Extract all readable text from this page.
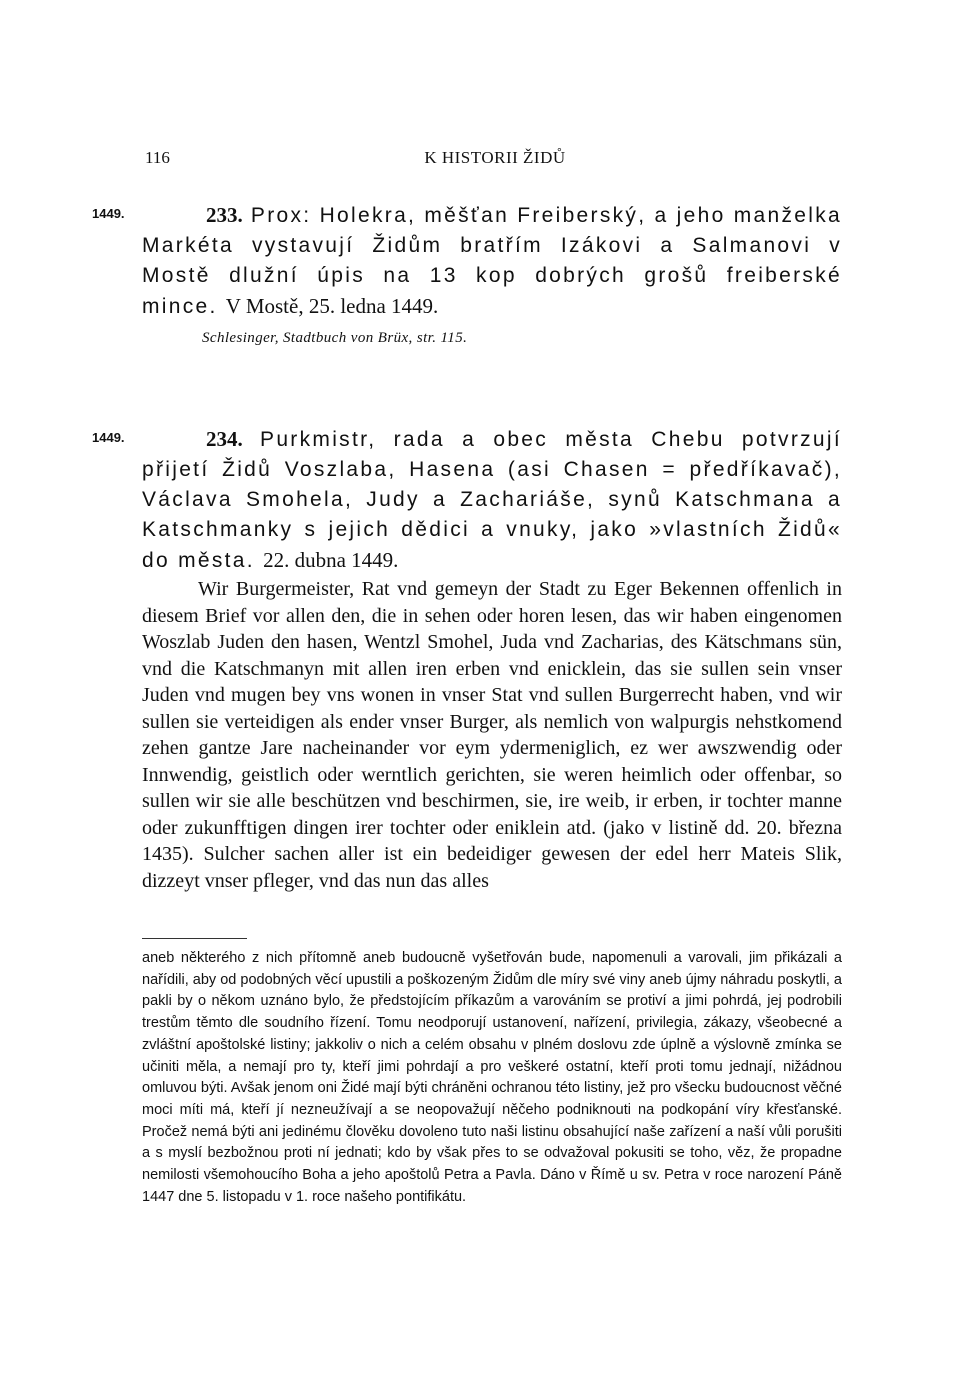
116	K HISTORII ŽIDŮ
1449.	233. Prox: Holekra, měšťan Freiberský, a jeho manželka Markéta vystavují Židům bratřím Izákovi a Salmanovi v Mostě dlužní úpis na 13 kop dobrých grošů freiberské mince. V Mostě, 25. ledna 1449.

Schlesinger, Stadtbuch von Brüx, str. 115.

1449.	234. Purkmistr, rada a obec města Chebu potvrzují přijetí Židů Voszlaba, Hasena (asi Chasen = předříkavač), Václava Smohela, Judy a Zachariáše, synů Katschmana a Katschmanky s jejich dědici a vnuky, jako »vlastních Židů« do města. 22. dubna 1449.

Wir Burgermeister, Rat vnd gemeyn der Stadt zu Eger Bekennen offenlich in diesem Brief vor allen den, die in sehen oder horen lesen, das wir haben eingenomen Woszlab Juden den hasen, Wentzl Smohel, Juda vnd Zacharias, des Kätschmans sün, vnd die Katschmanyn mit allen iren erben vnd enicklein, das sie sullen sein vnser Juden vnd mugen bey vns wonen in vnser Stat vnd sullen Burgerrecht haben, vnd wir sullen sie verteidigen als ender vnser Burger, als nemlich von walpurgis nehstkomend zehen gantze Jare nacheinander vor eym ydermeniglich, ez wer awszwendig oder Innwendig, geistlich oder werntlich gerichten, sie weren heimlich oder offenbar, so sullen wir sie alle beschützen vnd beschirmen, sie, ire weib, ir erben, ir tochter manne oder zukunfftigen dingen irer tochter oder eniklein atd. (jako v listině dd. 20. března 1435). Sulcher sachen aller ist ein bedeidiger gewesen der edel herr Mateis Slik, dizzeyt vnser pfleger, vnd das nun das alles

aneb některého z nich přítomně aneb budoucně vyšetřován bude, napomenuli a varovali, jim přikázali a nařídili, aby od podobných věcí upustili a poškozeným Židům dle míry své viny aneb újmy náhradu poskytli, a pakli by o někom uznáno bylo, že předstojícím příkazům a varováním se protiví a jimi pohrdá, jej podrobili trestům těmto dle soudního řízení. Tomu neodporují ustanovení, nařízení, privilegia, zákazy, všeobecné a zvláštní apoštolské listiny; jakkoliv o nich a celém obsahu v plném doslovu zde úplně a výslovně zmínka se učiniti měla, a nemají pro ty, kteří jimi pohrdají a pro veškeré ostatní, kteří proti tomu jednají, nižádnou omluvou býti. Avšak jenom oni Židé mají býti chráněni ochranou této listiny, jež pro všecku budoucnost věčné moci míti má, kteří jí nezneužívají a se neopovažují něčeho podniknouti na podkopání víry křesťanské. Pročež nemá býti ani jedinému člověku dovoleno tuto naši listinu obsahující naše zařízení a naší vůli porušiti a s myslí bezbožnou proti ní jednati; kdo by však přes to se odvažoval pokusiti se toho, věz, že propadne nemilosti všemohoucího Boha a jeho apoštolů Petra a Pavla. Dáno v Římě u sv. Petra v roce narození Páně 1447 dne 5. listopadu v 1. roce našeho pontifikátu.
